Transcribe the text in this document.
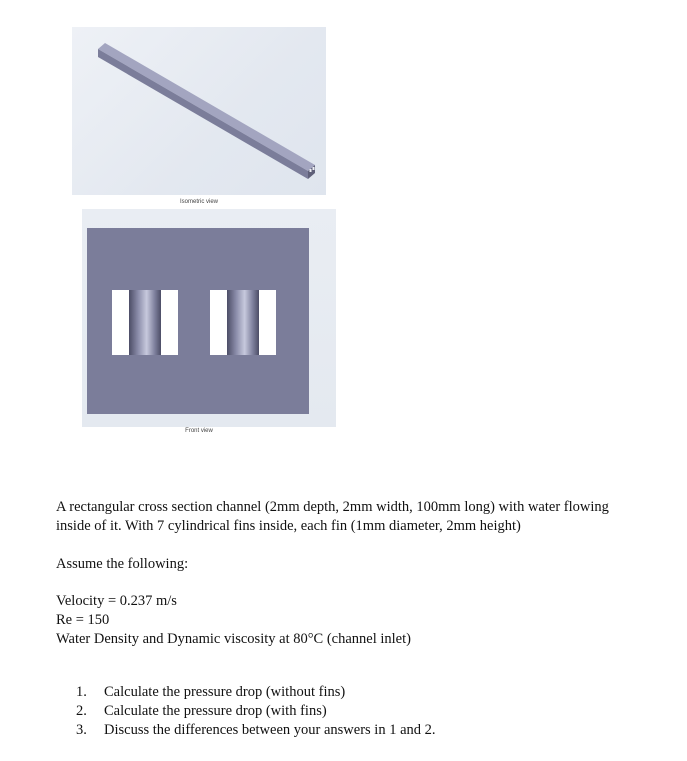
Isometric view
Front view

A rectangular cross section channel (2mm depth, 2mm width, 100mm long) with water flowing
inside of it. With 7 cylindrical fins inside, each fin (1mm diameter, 2mm height)

Assume the following:

Velocity = 0.237 m/s
Re = 150
Water Density and Dynamic viscosity at 80°C (channel inlet)

1.	Calculate the pressure drop (without fins)
2.	Calculate the pressure drop (with fins)
3.	Discuss the differences between your answers in 1 and 2.
